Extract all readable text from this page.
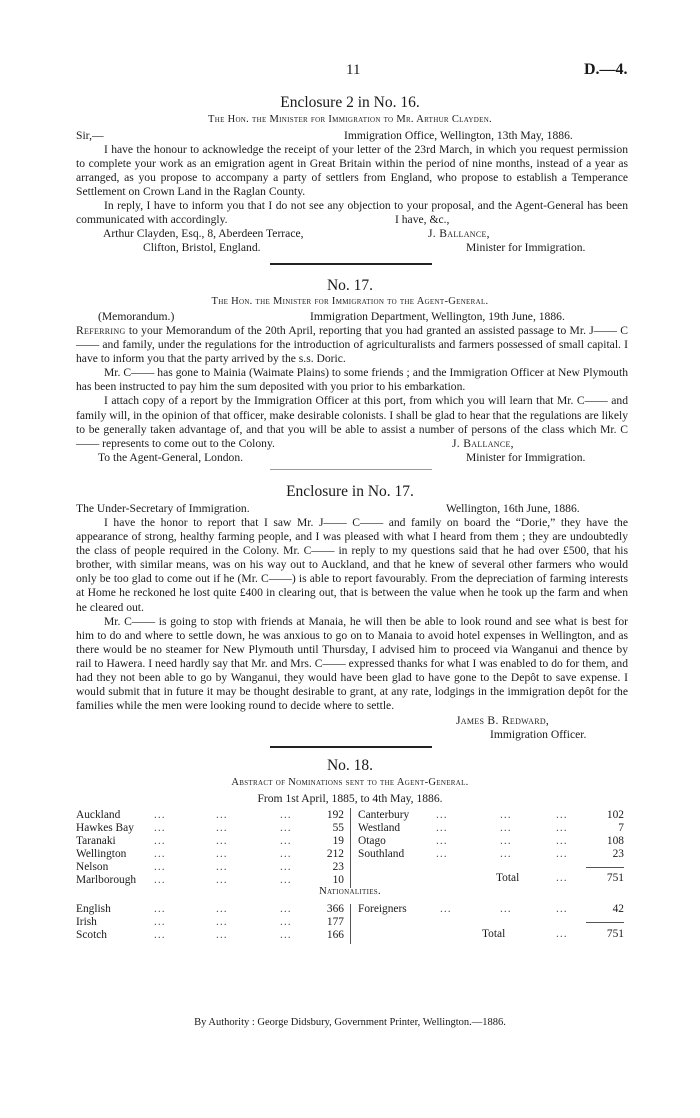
11	D.—4.
Enclosure 2 in No. 16.
The Hon. the Minister for Immigration to Mr. Arthur Clayden.
Sir,—	Immigration Office, Wellington, 13th May, 1886.

I have the honour to acknowledge the receipt of your letter of the 23rd March, in which you request permission to complete your work as an emigration agent in Great Britain within the period of nine months, instead of a year as arranged, as you propose to accompany a party of settlers from England, who propose to establish a Temperance Settlement on Crown Land in the Raglan County.

In reply, I have to inform you that I do not see any objection to your proposal, and the Agent-General has been communicated with accordingly.	I have, &c.,
Arthur Clayden, Esq., 8, Aberdeen Terrace,	J. Ballance,
Clifton, Bristol, England.	Minister for Immigration.
No. 17.
The Hon. the Minister for Immigration to the Agent-General.
(Memorandum.)	Immigration Department, Wellington, 19th June, 1886.

Referring to your Memorandum of the 20th April, reporting that you had granted an assisted passage to Mr. J—— C—— and family, under the regulations for the introduction of agriculturalists and farmers possessed of small capital. I have to inform you that the party arrived by the s.s. Doric.

Mr. C—— has gone to Mainia (Waimate Plains) to some friends ; and the Immigration Officer at New Plymouth has been instructed to pay him the sum deposited with you prior to his embarkation.

I attach copy of a report by the Immigration Officer at this port, from which you will learn that Mr. C—— and family will, in the opinion of that officer, make desirable colonists. I shall be glad to hear that the regulations are likely to be generally taken advantage of, and that you will be able to assist a number of persons of the class which Mr. C—— represents to come out to the Colony.	J. Ballance,
To the Agent-General, London.	Minister for Immigration.
Enclosure in No. 17.
The Under-Secretary of Immigration.	Wellington, 16th June, 1886.

I have the honor to report that I saw Mr. J—— C—— and family on board the “Dorie,” they have the appearance of strong, healthy farming people, and I was pleased with what I heard from them ; they are undoubtedly the class of people required in the Colony. Mr. C—— in reply to my questions said that he had over £500, that his brother, with similar means, was on his way out to Auckland, and that he knew of several other farmers who would only be too glad to come out if he (Mr. C——) is able to report favourably. From the depreciation of farming interests at Home he reckoned he lost quite £400 in clearing out, that is between the value when he took up the farm and when he cleared out.

Mr. C—— is going to stop with friends at Manaia, he will then be able to look round and see what is best for him to do and where to settle down, he was anxious to go on to Manaia to avoid hotel expenses in Wellington, and as there would be no steamer for New Plymouth until Thursday, I advised him to proceed via Wanganui and thence by rail to Hawera. I need hardly say that Mr. and Mrs. C—— expressed thanks for what I was enabled to do for them, and had they not been able to go by Wanganui, they would have been glad to have gone to the Depôt to save expense. I would submit that in future it may be thought desirable to grant, at any rate, lodgings in the immigration depôt for the families while the men were looking round to decide where to settle.

James B. Redward,
Immigration Officer.
No. 18.
Abstract of Nominations sent to the Agent-General.
From 1st April, 1885, to 4th May, 1886.
Auckland	...	...	...	192
Hawkes Bay ...	...	...	55
Taranaki	...	...	...	19
Wellington ...	...	...	212
Nelson	...	...	...	23
Marlborough ...	...	...	10
Canterbury ...	...	...	102
Westland	...	...	...	7
Otago	...	...	...	108
Southland	...	...	...	23
Total	...	751
Nationalities.
English	...	...	...	366
Irish	...	...	...	177
Scotch	...	...	...	166
Foreigners	...	...	...	42
Total	...	751
By Authority : George Didsbury, Government Printer, Wellington.—1886.
